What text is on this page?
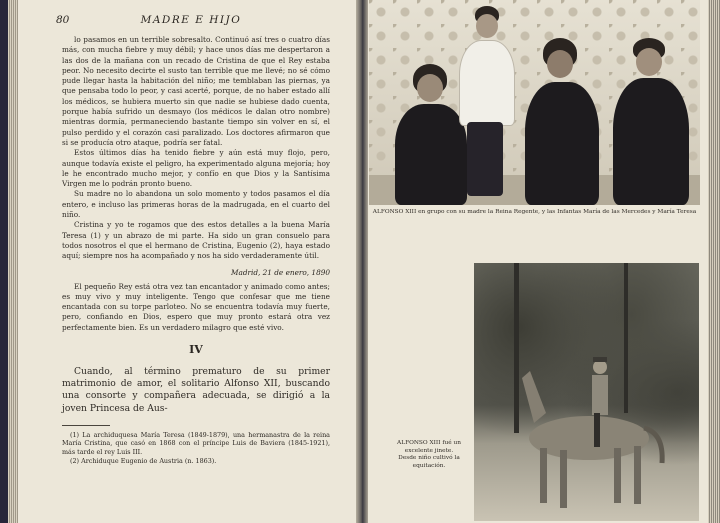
80	MADRE E HIJO

lo pasamos en un terrible sobresalto. Continuó así tres o cuatro días más, con mucha fiebre y muy débil; y hace unos días me despertaron a las dos de la mañana con un recado de Cristina de que el Rey estaba peor. No necesito decirte el susto tan terrible que me llevé; no sé cómo pude llegar hasta la habitación del niño; me temblaban las piernas, ya que pensaba todo lo peor, y casi acerté, porque, de no haber estado allí los médicos, se hubiera muerto sin que nadie se hubiese dado cuenta, porque había sufrido un desmayo (los médicos le dalan otro nombre) mientras dormía, permaneciendo bastante tiempo sin volver en sí, el pulso perdido y el corazón casi paralizado. Los doctores afirmaron que si se producía otro ataque, podría ser fatal.

Estos últimos días ha tenido fiebre y aún está muy flojo, pero, aunque todavía existe el peligro, ha experimentado alguna mejoría; hoy le he encontrado mucho mejor, y confío en que Dios y la Santísima Virgen me lo podrán pronto bueno.

Su madre no lo abandona un solo momento y todos pasamos el día entero, e incluso las primeras horas de la madrugada, en el cuarto del niño.

Cristina y yo te rogamos que des estos detalles a la buena María Teresa (1) y un abrazo de mi parte. Ha sido un gran consuelo para todos nosotros el que el hermano de Cristina, Eugenio (2), haya estado aquí; siempre nos ha acompañado y nos ha sido verdaderamente útil.

Madrid, 21 de enero, 1890

El pequeño Rey está otra vez tan encantador y animado como antes; es muy vivo y muy inteligente. Tengo que confesar que me tiene encantada con su torpe parloteo. No se encuentra todavía muy fuerte, pero, confiando en Dios, espero que muy pronto estará otra vez perfectamente bien. Es un verdadero milagro que esté vivo.

IV

Cuando, al término prematuro de su primer matrimonio de amor, el solitario Alfonso XII, buscando una consorte y compañera adecuada, se dirigió a la joven Princesa de Aus-

(1) La archiduquesa María Teresa (1849-1879), una hermanastra de la reina María Cristina, que casó en 1868 con el príncipe Luis de Baviera (1845-1921), más tarde el rey Luis III.

(2) Archiduque Eugenio de Austria (n. 1863).

ALFONSO XIII en grupo con su madre la Reina Regente, y las Infantas María de las Mercedes y María Teresa
ALFONSO XIII fué un excelente jinete. Desde niño cultivó la equitación.
